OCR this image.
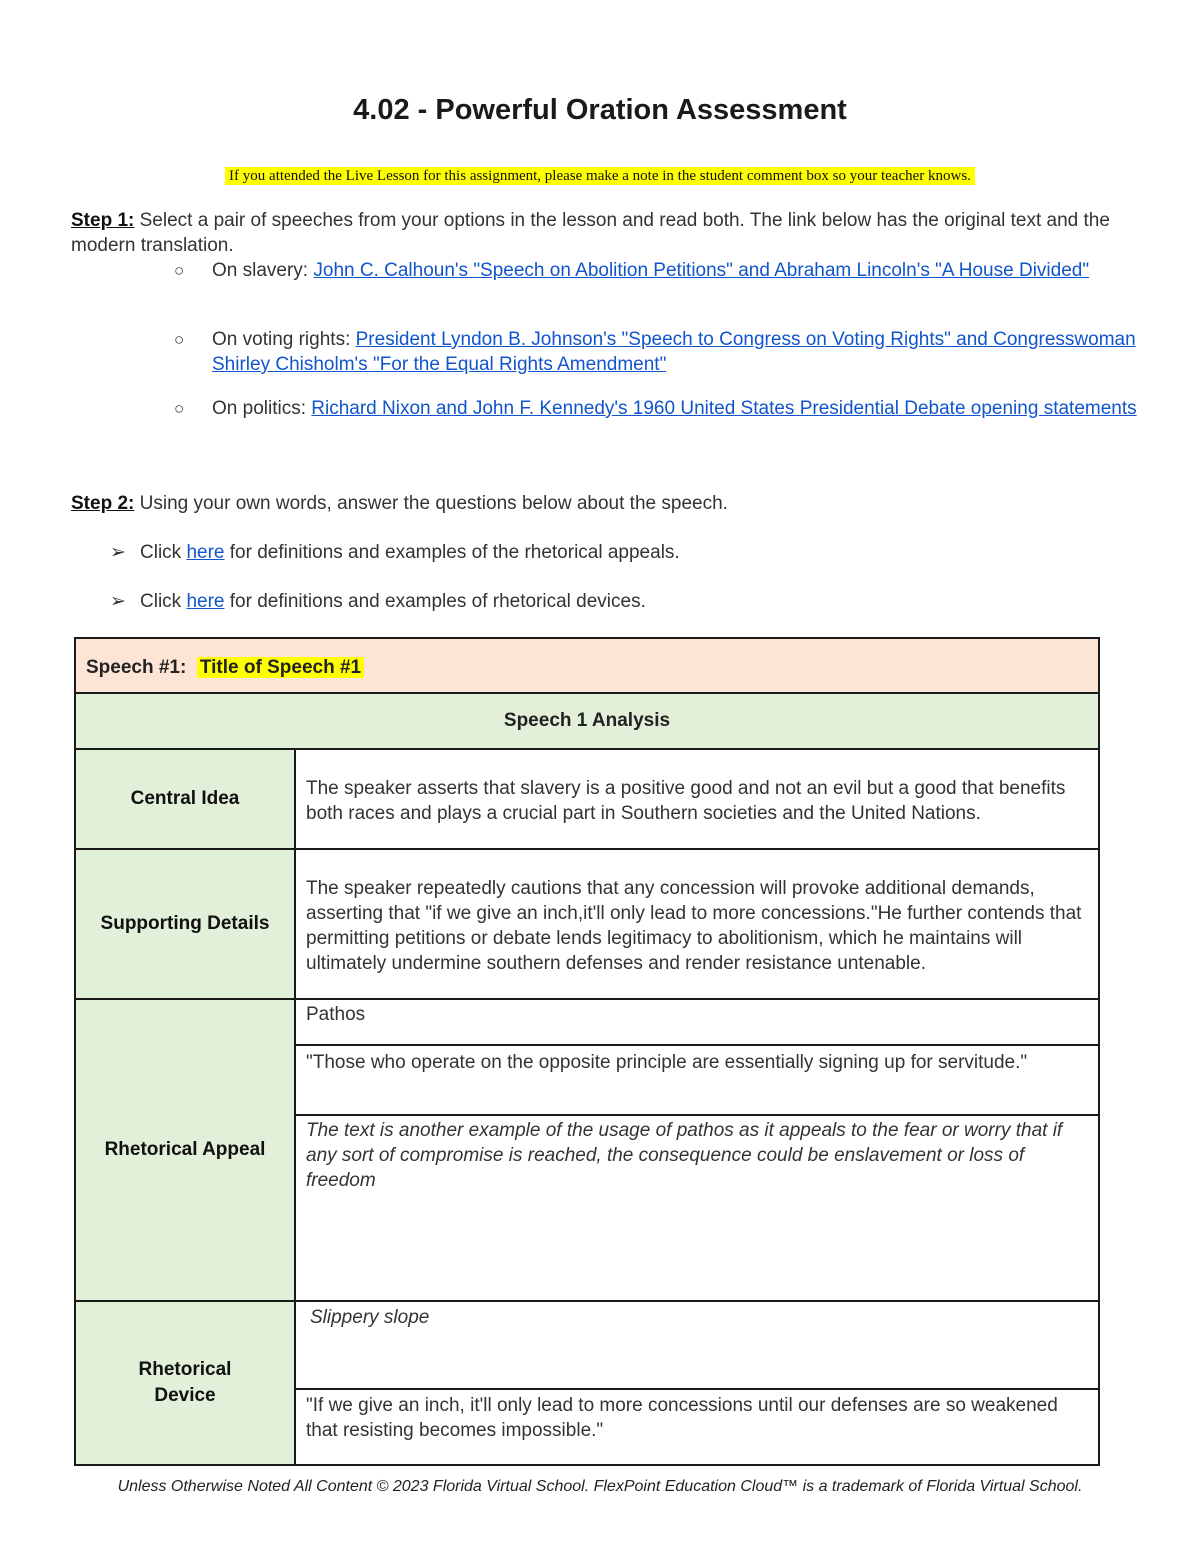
4.02 - Powerful Oration Assessment
If you attended the Live Lesson for this assignment, please make a note in the student comment box so your teacher knows.
Step 1: Select a pair of speeches from your options in the lesson and read both. The link below has the original text and the modern translation.
○ On slavery: John C. Calhoun's "Speech on Abolition Petitions" and Abraham Lincoln's "A House Divided"
○ On voting rights: President Lyndon B. Johnson's "Speech to Congress on Voting Rights" and Congresswoman Shirley Chisholm's "For the Equal Rights Amendment"
○ On politics: Richard Nixon and John F. Kennedy's 1960 United States Presidential Debate opening statements
Step 2: Using your own words, answer the questions below about the speech.
➢ Click here for definitions and examples of the rhetorical appeals.
➢ Click here for definitions and examples of rhetorical devices.
Speech #1: Title of Speech #1	

Speech 1 Analysis	

Central Idea	The speaker asserts that slavery is a positive good and not an evil but a good that benefits both races and plays a crucial part in Southern societies and the United Nations.

Supporting Details	The speaker repeatedly cautions that any concession will provoke additional demands, asserting that "if we give an inch,it'll only lead to more concessions."He further contends that permitting petitions or debate lends legitimacy to abolitionism, which he maintains will ultimately undermine southern defenses and render resistance untenable.

Rhetorical Appeal	Pathos

	"Those who operate on the opposite principle are essentially signing up for servitude."

	The text is another example of the usage of pathos as it appeals to the fear or worry that if any sort of compromise is reached, the consequence could be enslavement or loss of freedom

Rhetorical Device	Slippery slope

	"If we give an inch, it'll only lead to more concessions until our defenses are so weakened that resisting becomes impossible."
Unless Otherwise Noted All Content © 2023 Florida Virtual School. FlexPoint Education Cloud™ is a trademark of Florida Virtual School.
